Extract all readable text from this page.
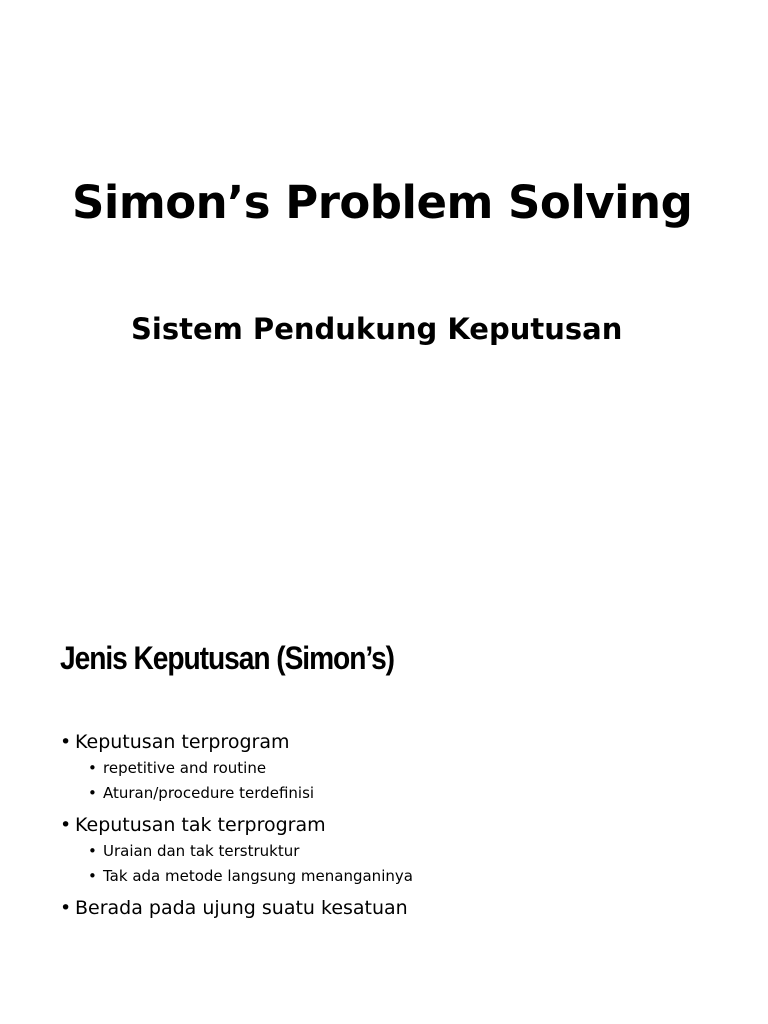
Simon’s Problem Solving
Sistem Pendukung Keputusan
Jenis Keputusan (Simon’s)
• Keputusan terprogram
• repetitive and routine
• Aturan/procedure terdefinisi
• Keputusan tak terprogram
• Uraian dan tak terstruktur
• Tak ada metode langsung menanganinya
• Berada pada ujung suatu kesatuan
